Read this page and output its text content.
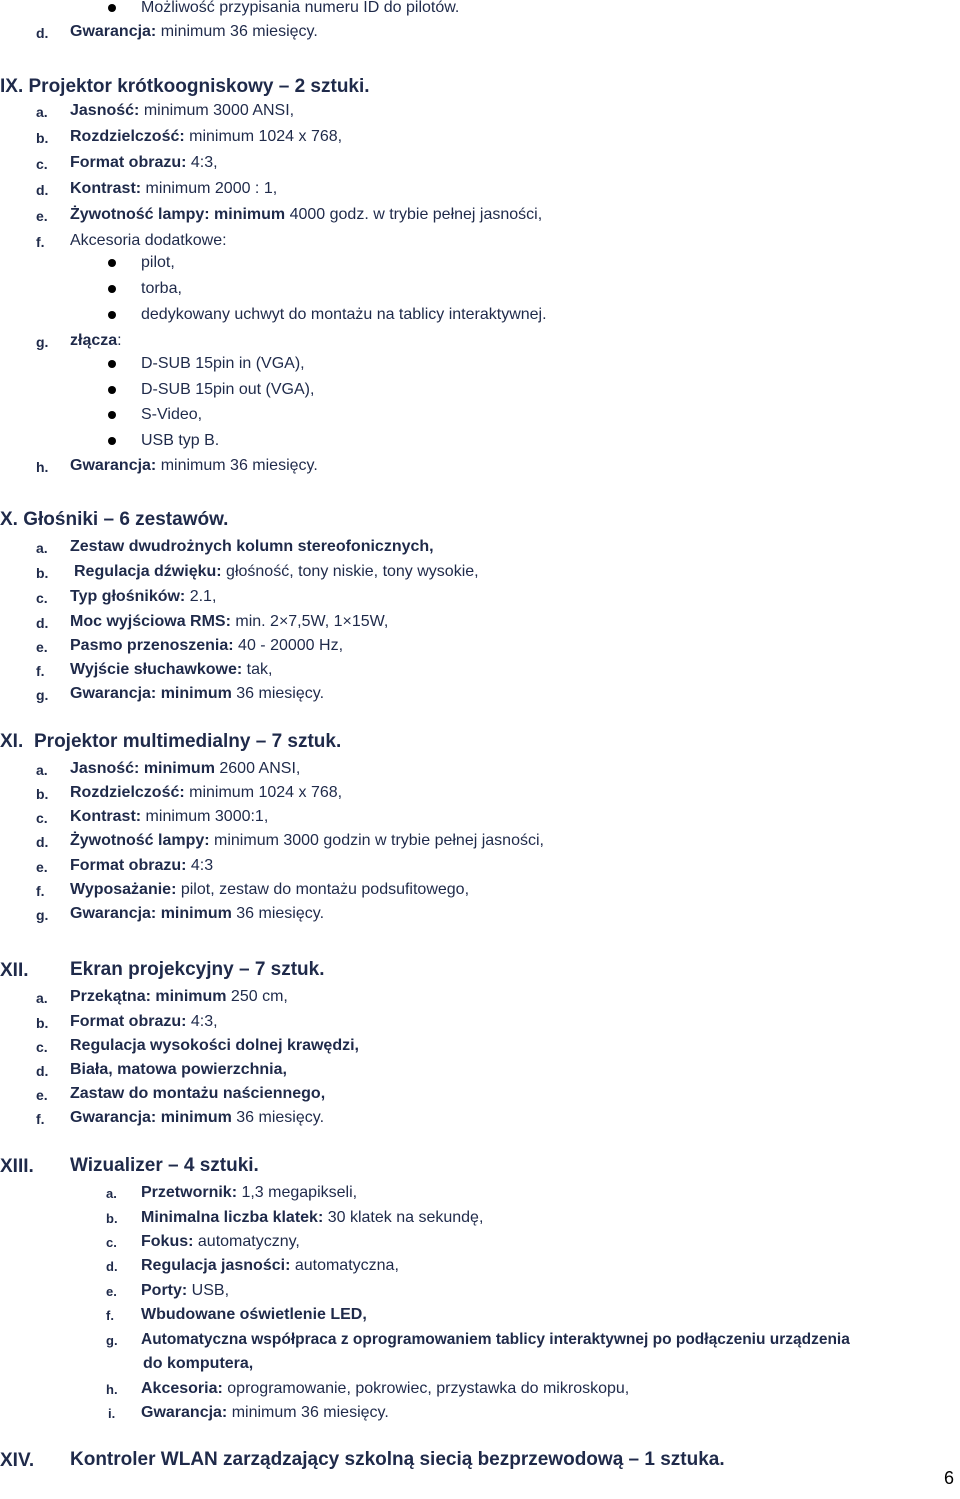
Możliwość przypisania numeru ID do pilotów.
d. Gwarancja: minimum 36 miesięcy.
IX. Projektor krótkoogniskowy – 2 sztuki.
a. Jasność: minimum 3000 ANSI,
b. Rozdzielczość: minimum 1024 x 768,
c. Format obrazu: 4:3,
d. Kontrast: minimum 2000 : 1,
e. Żywotność lampy: minimum 4000 godz. w trybie pełnej jasności,
f. Akcesoria dodatkowe:
pilot,
torba,
dedykowany uchwyt do montażu na tablicy interaktywnej.
g. złącza:
D-SUB 15pin in (VGA),
D-SUB 15pin out (VGA),
S-Video,
USB typ B.
h. Gwarancja: minimum 36 miesięcy.
X. Głośniki – 6 zestawów.
a. Zestaw dwudrożnych kolumn stereofonicznych,
b. Regulacja dźwięku: głośność, tony niskie, tony wysokie,
c. Typ głośników: 2.1,
d. Moc wyjściowa RMS: min. 2×7,5W, 1×15W,
e. Pasmo przenoszenia: 40 - 20000 Hz,
f. Wyjście słuchawkowe: tak,
g. Gwarancja: minimum 36 miesięcy.
XI. Projektor multimedialny – 7 sztuk.
a. Jasność: minimum 2600 ANSI,
b. Rozdzielczość: minimum 1024 x 768,
c. Kontrast: minimum 3000:1,
d. Żywotność lampy: minimum 3000 godzin w trybie pełnej jasności,
e. Format obrazu: 4:3
f. Wyposażanie: pilot, zestaw do montażu podsufitowego,
g. Gwarancja: minimum 36 miesięcy.
XII. Ekran projekcyjny – 7 sztuk.
a. Przekątna: minimum 250 cm,
b. Format obrazu: 4:3,
c. Regulacja wysokości dolnej krawędzi,
d. Biała, matowa powierzchnia,
e. Zastaw do montażu naściennego,
f. Gwarancja: minimum 36 miesięcy.
XIII. Wizualizer – 4 sztuki.
a. Przetwornik: 1,3 megapikseli,
b. Minimalna liczba klatek: 30 klatek na sekundę,
c. Fokus: automatyczny,
d. Regulacja jasności: automatyczna,
e. Porty: USB,
f. Wbudowane oświetlenie LED,
g. Automatyczna współpraca z oprogramowaniem tablicy interaktywnej po podłączeniu urządzenia
do komputera,
h. Akcesoria: oprogramowanie, pokrowiec, przystawka do mikroskopu,
i. Gwarancja: minimum 36 miesięcy.
XIV. Kontroler WLAN zarządzający szkolną siecią bezprzewodową – 1 sztuka.
6
